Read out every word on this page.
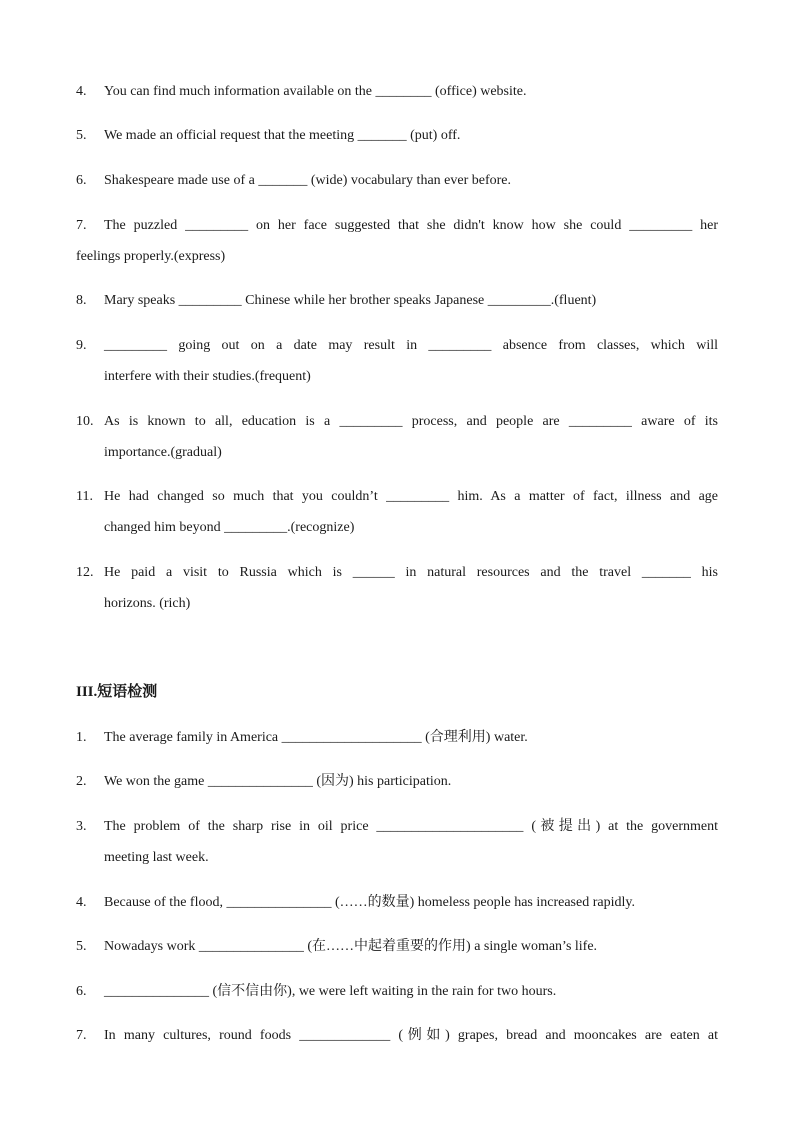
4. You can find much information available on the ________ (office) website.
5. We made an official request that the meeting _______ (put) off.
6. Shakespeare made use of a _______ (wide) vocabulary than ever before.
7. The puzzled _________ on her face suggested that she didn't know how she could _________ her
feelings properly.(express)
8. Mary speaks _________ Chinese while her brother speaks Japanese _________.(fluent)
9. _________ going out on a date may result in _________ absence from classes, which will
interfere with their studies.(frequent)
10. As is known to all, education is a _________ process, and people are _________ aware of its
importance.(gradual)
11. He had changed so much that you couldn’t _________ him. As a matter of fact, illness and age
changed him beyond _________.(recognize)
12. He paid a visit to Russia which is ______ in natural resources and the travel _______ his
horizons. (rich)
III.短语检测
1. The average family in America ____________________ (合理利用) water.
2. We won the game _______________ (因为) his participation.
3. The problem of the sharp rise in oil price _____________________ (被提出) at the government
meeting last week.
4. Because of the flood, _______________ (……的数量) homeless people has increased rapidly.
5. Nowadays work _______________ (在……中起着重要的作用) a single woman’s life.
6. _______________ (信不信由你), we were left waiting in the rain for two hours.
7. In many cultures, round foods _____________ (例如) grapes, bread and mooncakes are eaten at
